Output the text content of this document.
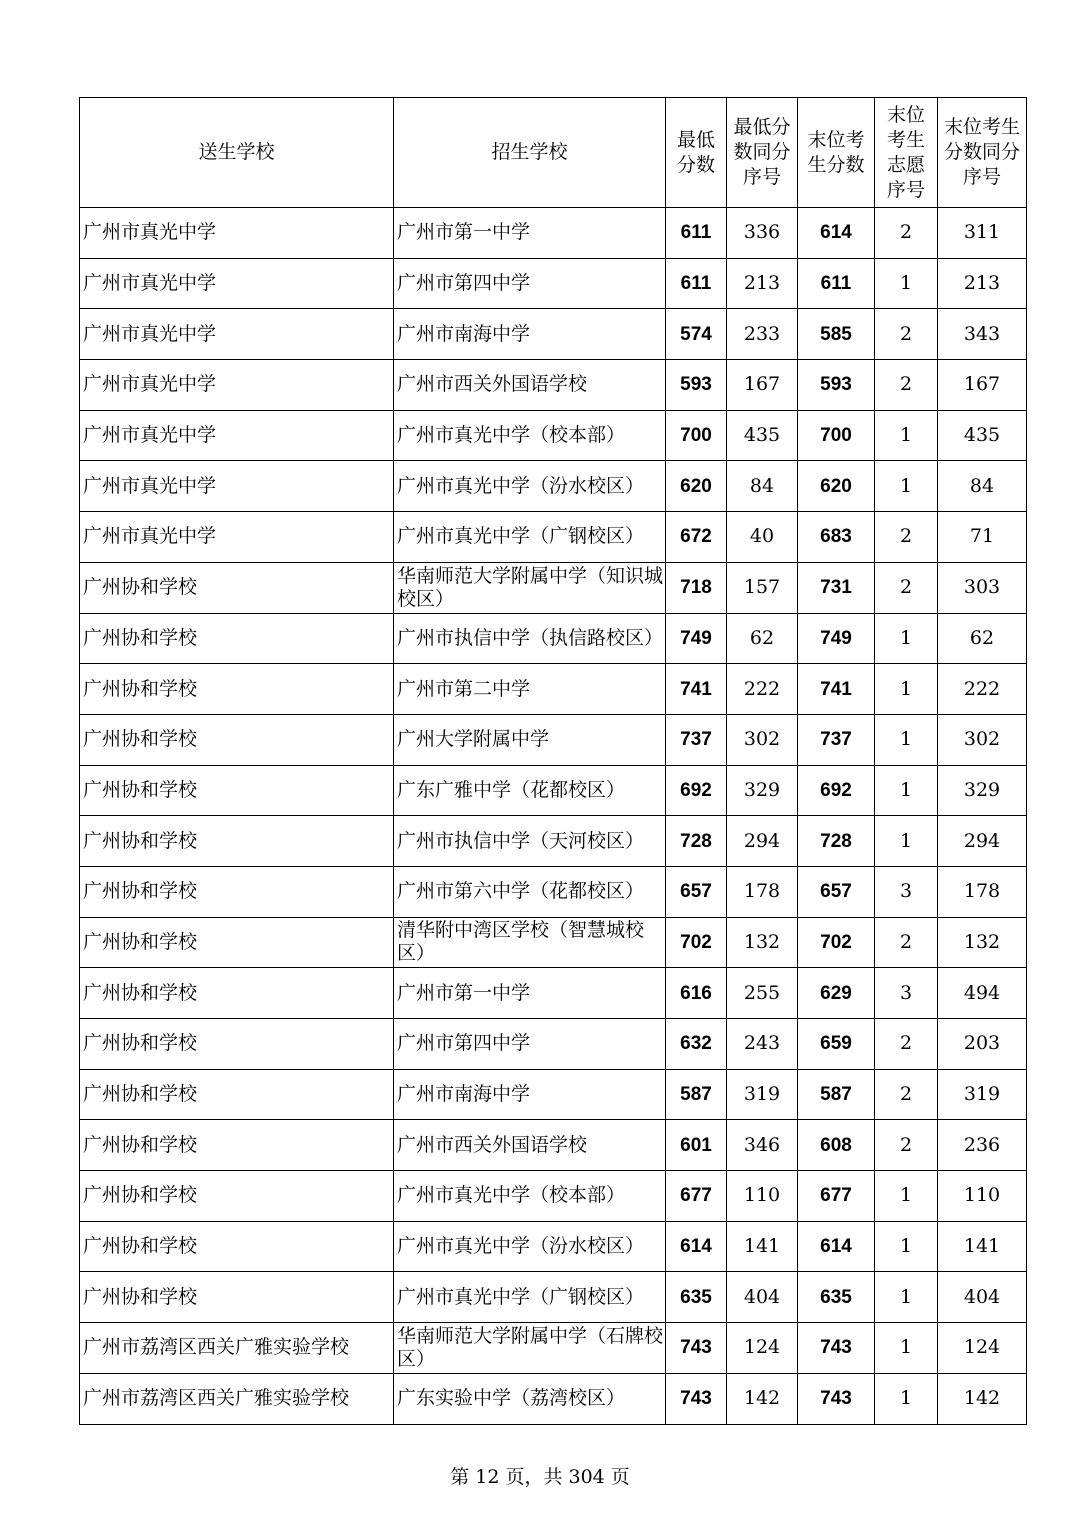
送生学校	招生学校	最低分数	最低分数同分序号	末位考生分数	末位考生志愿序号	末位考生分数同分序号
广州市真光中学	广州市第一中学	611	336	614	2	311
广州市真光中学	广州市第四中学	611	213	611	1	213
广州市真光中学	广州市南海中学	574	233	585	2	343
广州市真光中学	广州市西关外国语学校	593	167	593	2	167
广州市真光中学	广州市真光中学（校本部）	700	435	700	1	435
广州市真光中学	广州市真光中学（汾水校区）	620	84	620	1	84
广州市真光中学	广州市真光中学（广钢校区）	672	40	683	2	71
广州协和学校	华南师范大学附属中学（知识城校区）	718	157	731	2	303
广州协和学校	广州市执信中学（执信路校区）	749	62	749	1	62
广州协和学校	广州市第二中学	741	222	741	1	222
广州协和学校	广州大学附属中学	737	302	737	1	302
广州协和学校	广东广雅中学（花都校区）	692	329	692	1	329
广州协和学校	广州市执信中学（天河校区）	728	294	728	1	294
广州协和学校	广州市第六中学（花都校区）	657	178	657	3	178
广州协和学校	清华附中湾区学校（智慧城校区）	702	132	702	2	132
广州协和学校	广州市第一中学	616	255	629	3	494
广州协和学校	广州市第四中学	632	243	659	2	203
广州协和学校	广州市南海中学	587	319	587	2	319
广州协和学校	广州市西关外国语学校	601	346	608	2	236
广州协和学校	广州市真光中学（校本部）	677	110	677	1	110
广州协和学校	广州市真光中学（汾水校区）	614	141	614	1	141
广州协和学校	广州市真光中学（广钢校区）	635	404	635	1	404
广州市荔湾区西关广雅实验学校	华南师范大学附属中学（石牌校区）	743	124	743	1	124
广州市荔湾区西关广雅实验学校	广东实验中学（荔湾校区）	743	142	743	1	142
第 12 页，共 304 页
